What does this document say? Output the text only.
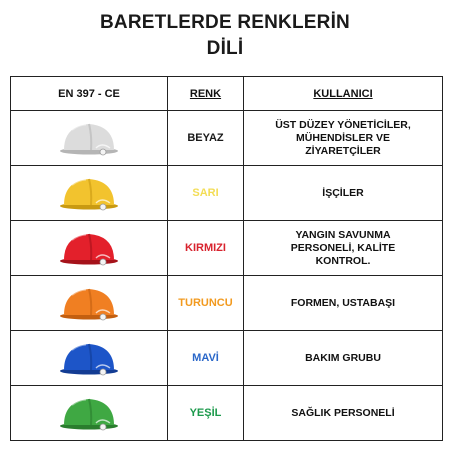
BARETLERDE RENKLERİN
DİLİ
EN 397 - CE	RENK	KULLANICI

	BEYAZ	ÜST DÜZEY YÖNETİCİLER,
MÜHENDİSLER VE
ZİYARETÇİLER

	SARI	İŞÇİLER

	KIRMIZI	YANGIN SAVUNMA
PERSONELİ, KALİTE
KONTROL.

	TURUNCU	FORMEN, USTABAŞI

	MAVİ	BAKIM GRUBU

	YEŞİL	SAĞLIK PERSONELİ
